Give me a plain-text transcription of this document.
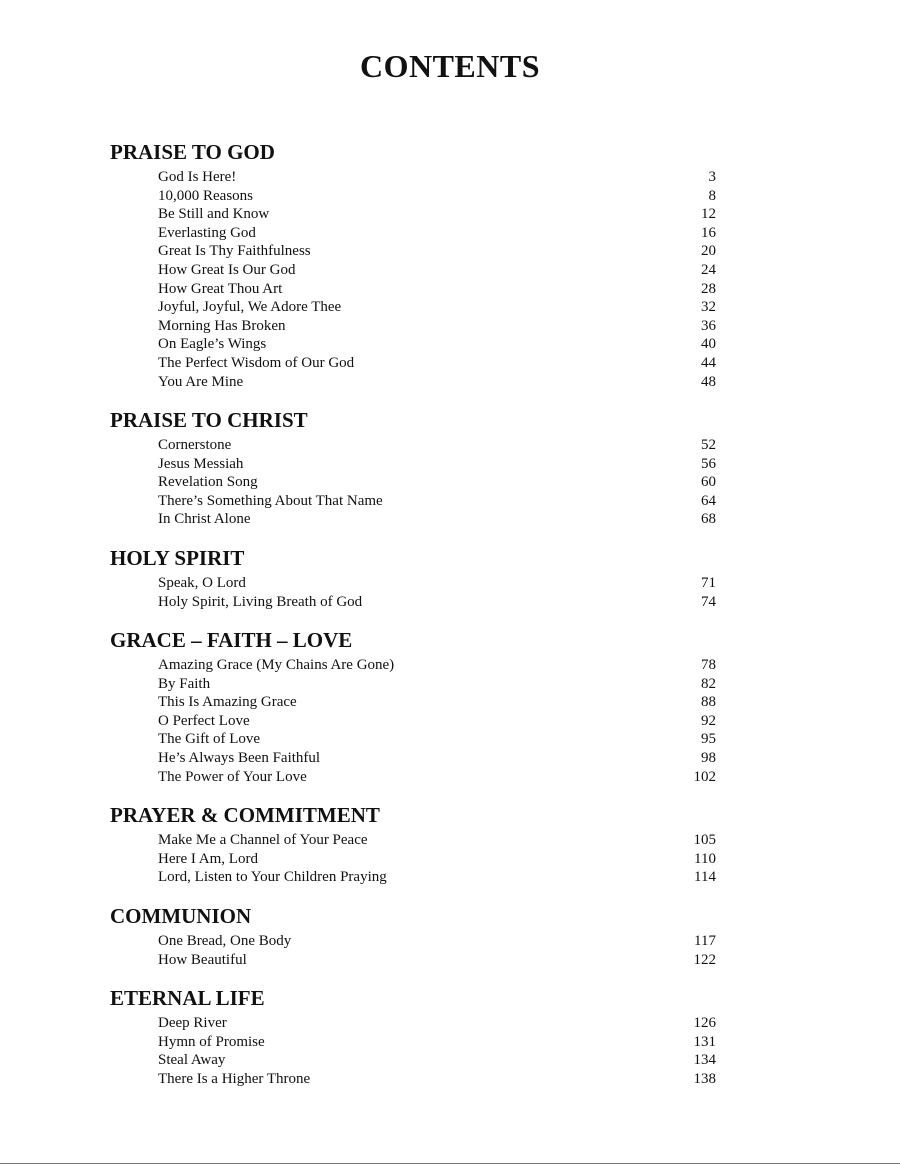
CONTENTS
PRAISE TO GOD
God Is Here!	3
10,000 Reasons	8
Be Still and Know	12
Everlasting God	16
Great Is Thy Faithfulness	20
How Great Is Our God	24
How Great Thou Art	28
Joyful, Joyful, We Adore Thee	32
Morning Has Broken	36
On Eagle’s Wings	40
The Perfect Wisdom of Our God	44
You Are Mine	48
PRAISE TO CHRIST
Cornerstone	52
Jesus Messiah	56
Revelation Song	60
There’s Something About That Name	64
In Christ Alone	68
HOLY SPIRIT
Speak, O Lord	71
Holy Spirit, Living Breath of God	74
GRACE – FAITH – LOVE
Amazing Grace (My Chains Are Gone)	78
By Faith	82
This Is Amazing Grace	88
O Perfect Love	92
The Gift of Love	95
He’s Always Been Faithful	98
The Power of Your Love	102
PRAYER & COMMITMENT
Make Me a Channel of Your Peace	105
Here I Am, Lord	110
Lord, Listen to Your Children Praying	114
COMMUNION
One Bread, One Body	117
How Beautiful	122
ETERNAL LIFE
Deep River	126
Hymn of Promise	131
Steal Away	134
There Is a Higher Throne	138
